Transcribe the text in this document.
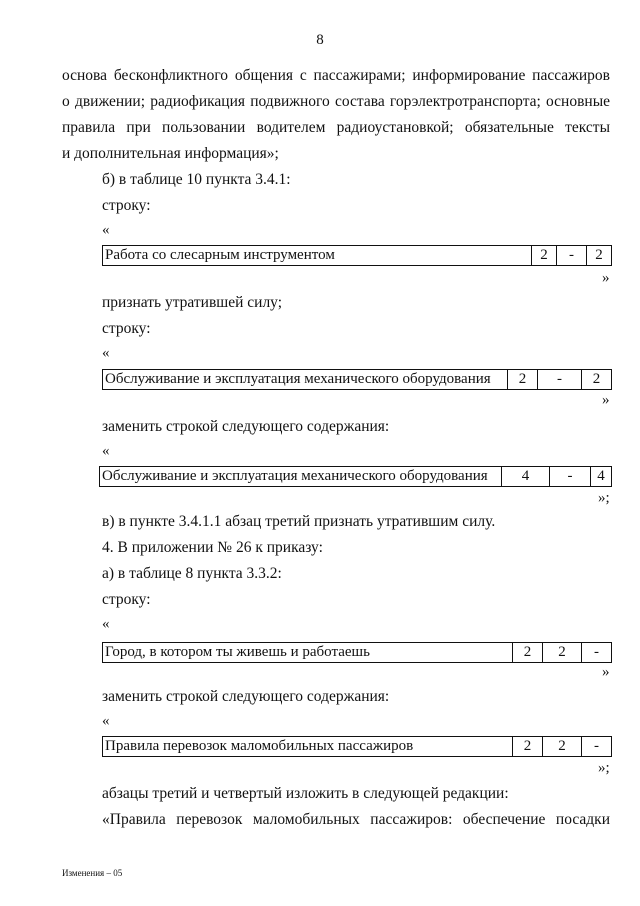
8
основа бесконфликтного общения с пассажирами; информирование пассажиров
о движении; радиофикация подвижного состава горэлектротранспорта; основные
правила при пользовании водителем радиоустановкой; обязательные тексты
и дополнительная информация»;
б) в таблице 10 пункта 3.4.1:
строку:
«
Работа со слесарным инструментом	2	-	2
»
признать утратившей силу;
строку:
«
Обслуживание и эксплуатация механического оборудования	2	-	2
»
заменить строкой следующего содержания:
«
Обслуживание и эксплуатация механического оборудования	4	-	4
»;
в) в пункте 3.4.1.1 абзац третий признать утратившим силу.
4. В приложении № 26 к приказу:
а) в таблице 8 пункта 3.3.2:
строку:
«
Город, в котором ты живешь и работаешь	2	2	-
»
заменить строкой следующего содержания:
«
Правила перевозок маломобильных пассажиров	2	2	-
»;
абзацы третий и четвертый изложить в следующей редакции:
«Правила перевозок маломобильных пассажиров: обеспечение посадки
Изменения – 05
